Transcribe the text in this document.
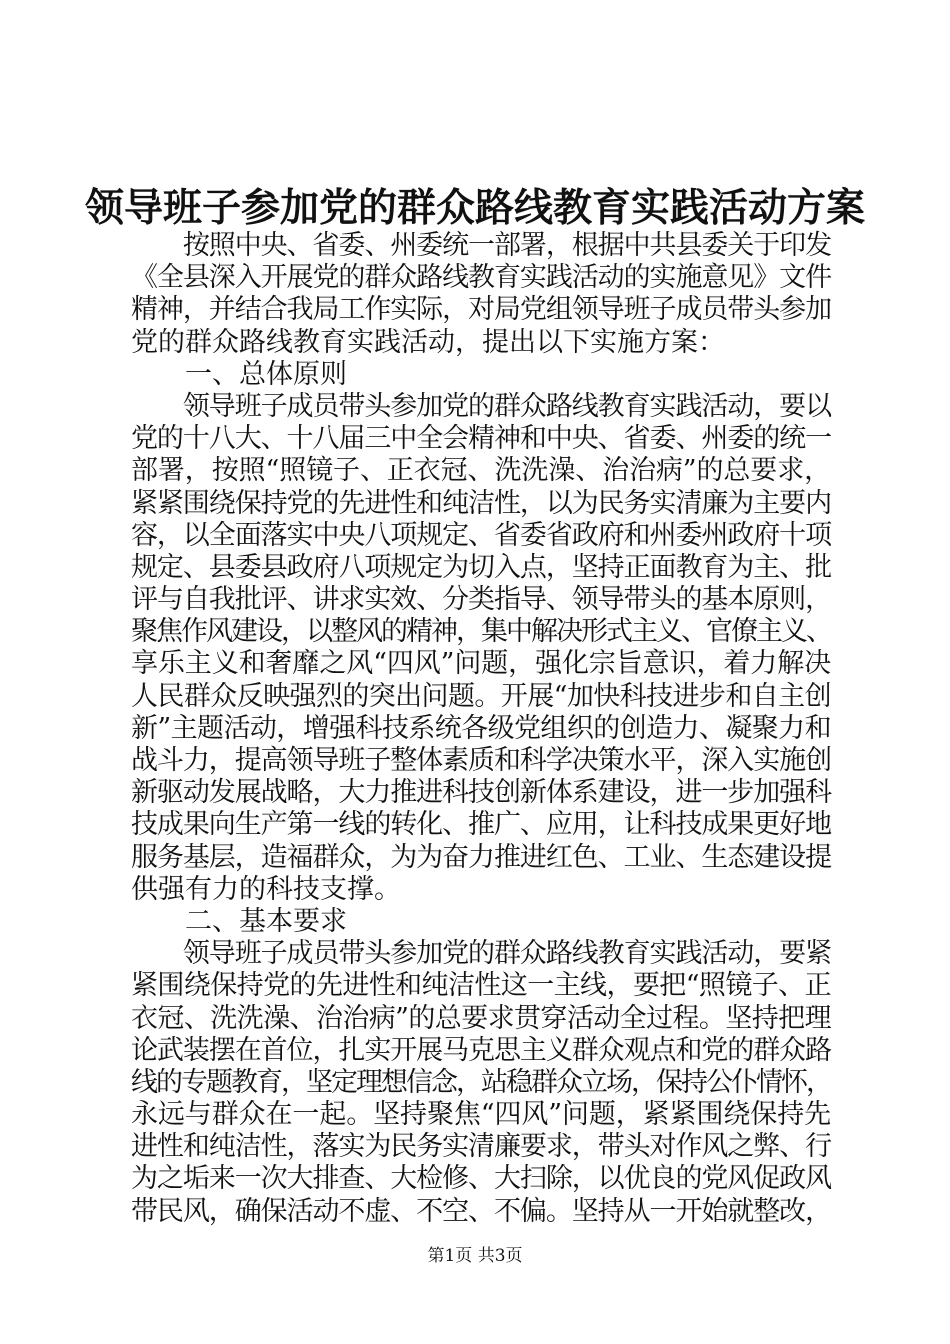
领导班子参加党的群众路线教育实践活动方案
　　按照中央、省委、州委统一部署，根据中共县委关于印发
《全县深入开展党的群众路线教育实践活动的实施意见》文件
精神，并结合我局工作实际，对局党组领导班子成员带头参加
党的群众路线教育实践活动，提出以下实施方案：
　　一、总体原则
　　领导班子成员带头参加党的群众路线教育实践活动，要以
党的十八大、十八届三中全会精神和中央、省委、州委的统一
部署，按照“照镜子、正衣冠、洗洗澡、治治病”的总要求，
紧紧围绕保持党的先进性和纯洁性，以为民务实清廉为主要内
容，以全面落实中央八项规定、省委省政府和州委州政府十项
规定、县委县政府八项规定为切入点，坚持正面教育为主、批
评与自我批评、讲求实效、分类指导、领导带头的基本原则，
聚焦作风建设，以整风的精神，集中解决形式主义、官僚主义、
享乐主义和奢靡之风“四风”问题，强化宗旨意识，着力解决
人民群众反映强烈的突出问题。开展“加快科技进步和自主创
新”主题活动，增强科技系统各级党组织的创造力、凝聚力和
战斗力，提高领导班子整体素质和科学决策水平，深入实施创
新驱动发展战略，大力推进科技创新体系建设，进一步加强科
技成果向生产第一线的转化、推广、应用，让科技成果更好地
服务基层，造福群众，为为奋力推进红色、工业、生态建设提
供强有力的科技支撑。
　　二、基本要求
　　领导班子成员带头参加党的群众路线教育实践活动，要紧
紧围绕保持党的先进性和纯洁性这一主线，要把“照镜子、正
衣冠、洗洗澡、治治病”的总要求贯穿活动全过程。坚持把理
论武装摆在首位，扎实开展马克思主义群众观点和党的群众路
线的专题教育，坚定理想信念，站稳群众立场，保持公仆情怀，
永远与群众在一起。坚持聚焦“四风”问题，紧紧围绕保持先
进性和纯洁性，落实为民务实清廉要求，带头对作风之弊、行
为之垢来一次大排查、大检修、大扫除，以优良的党风促政风
带民风，确保活动不虚、不空、不偏。坚持从一开始就整改，
第1页 共3页
